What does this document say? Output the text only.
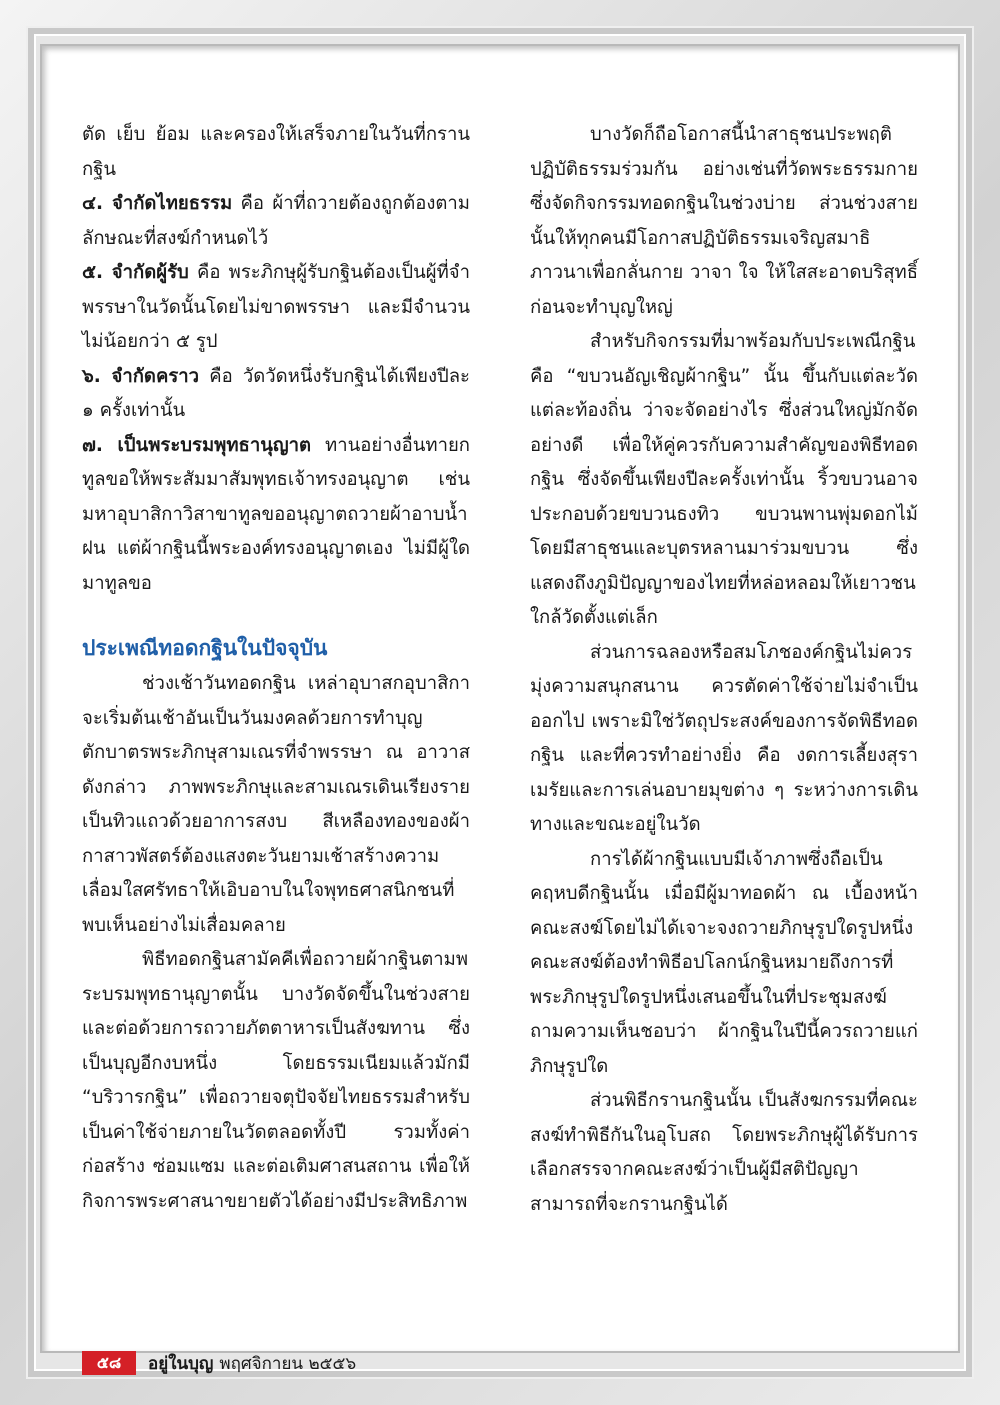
ตัด เย็บ ย้อม และครองให้เสร็จภายในวันที่กรานกฐิน

๔. จำกัดไทยธรรม คือ ผ้าที่ถวายต้องถูกต้องตามลักษณะที่สงฆ์กำหนดไว้

๕. จำกัดผู้รับ คือ พระภิกษุผู้รับกฐินต้องเป็นผู้ที่จำพรรษาในวัดนั้นโดยไม่ขาดพรรษา และมีจำนวนไม่น้อยกว่า ๕ รูป

๖. จำกัดคราว คือ วัดวัดหนึ่งรับกฐินได้เพียงปีละ ๑ ครั้งเท่านั้น

๗. เป็นพระบรมพุทธานุญาต ทานอย่างอื่นทายกทูลขอให้พระสัมมาสัมพุทธเจ้าทรงอนุญาต เช่น มหาอุบาสิกาวิสาขาทูลขออนุญาตถวายผ้าอาบน้ำฝน แต่ผ้ากฐินนี้พระองค์ทรงอนุญาตเอง ไม่มีผู้ใดมาทูลขอ

ประเพณีทอดกฐินในปัจจุบัน

ช่วงเช้าวันทอดกฐิน เหล่าอุบาสกอุบาสิกา จะเริ่มต้นเช้าอันเป็นวันมงคลด้วยการทำบุญตักบาตรพระภิกษุสามเณรที่จำพรรษา ณ อาวาสดังกล่าว ภาพพระภิกษุและสามเณรเดินเรียงรายเป็นทิวแถวด้วยอาการสงบ สีเหลืองทองของผ้ากาสาวพัสตร์ต้องแสงตะวันยามเช้าสร้างความเลื่อมใสศรัทธาให้เอิบอาบในใจพุทธศาสนิกชนที่พบเห็นอย่างไม่เสื่อมคลาย

พิธีทอดกฐินสามัคคีเพื่อถวายผ้ากฐินตามพระบรมพุทธานุญาตนั้น บางวัดจัดขึ้นในช่วงสายและต่อด้วยการถวายภัตตาหารเป็นสังฆทาน ซึ่งเป็นบุญอีกงบหนึ่ง โดยธรรมเนียมแล้วมักมี “บริวารกฐิน” เพื่อถวายจตุปัจจัยไทยธรรมสำหรับเป็นค่าใช้จ่ายภายในวัดตลอดทั้งปี รวมทั้งค่าก่อสร้าง ซ่อมแซม และต่อเติมศาสนสถาน เพื่อให้กิจการพระศาสนาขยายตัวได้อย่างมีประสิทธิภาพ

บางวัดก็ถือโอกาสนี้นำสาธุชนประพฤติปฏิบัติธรรมร่วมกัน อย่างเช่นที่วัดพระธรรมกายซึ่งจัดกิจกรรมทอดกฐินในช่วงบ่าย ส่วนช่วงสายนั้นให้ทุกคนมีโอกาสปฏิบัติธรรมเจริญสมาธิภาวนาเพื่อกลั่นกาย วาจา ใจ ให้ใสสะอาดบริสุทธิ์ก่อนจะทำบุญใหญ่

สำหรับกิจกรรมที่มาพร้อมกับประเพณีกฐิน คือ “ขบวนอัญเชิญผ้ากฐิน” นั้น ขึ้นกับแต่ละวัด แต่ละท้องถิ่น ว่าจะจัดอย่างไร ซึ่งส่วนใหญ่มักจัดอย่างดี เพื่อให้คู่ควรกับความสำคัญของพิธีทอดกฐิน ซึ่งจัดขึ้นเพียงปีละครั้งเท่านั้น ริ้วขบวนอาจประกอบด้วยขบวนธงทิว ขบวนพานพุ่มดอกไม้ โดยมีสาธุชนและบุตรหลานมาร่วมขบวน ซึ่งแสดงถึงภูมิปัญญาของไทยที่หล่อหลอมให้เยาวชนใกล้วัดตั้งแต่เล็ก

ส่วนการฉลองหรือสมโภชองค์กฐินไม่ควรมุ่งความสนุกสนาน ควรตัดค่าใช้จ่ายไม่จำเป็นออกไป เพราะมิใช่วัตถุประสงค์ของการจัดพิธีทอดกฐิน และที่ควรทำอย่างยิ่ง คือ งดการเลี้ยงสุราเมรัยและการเล่นอบายมุขต่าง ๆ ระหว่างการเดินทางและขณะอยู่ในวัด

การได้ผ้ากฐินแบบมีเจ้าภาพซึ่งถือเป็นคฤหบดีกฐินนั้น เมื่อมีผู้มาทอดผ้า ณ เบื้องหน้าคณะสงฆ์โดยไม่ได้เจาะจงถวายภิกษุรูปใดรูปหนึ่ง คณะสงฆ์ต้องทำพิธีอปโลกน์กฐินหมายถึงการที่พระภิกษุรูปใดรูปหนึ่งเสนอขึ้นในที่ประชุมสงฆ์ ถามความเห็นชอบว่า ผ้ากฐินในปีนี้ควรถวายแก่ภิกษุรูปใด

ส่วนพิธีกรานกฐินนั้น เป็นสังฆกรรมที่คณะสงฆ์ทำพิธีกันในอุโบสถ โดยพระภิกษุผู้ได้รับการเลือกสรรจากคณะสงฆ์ว่าเป็นผู้มีสติปัญญาสามารถที่จะกรานกฐินได้

๕๘	อยู่ในบุญ พฤศจิกายน ๒๕๕๖
